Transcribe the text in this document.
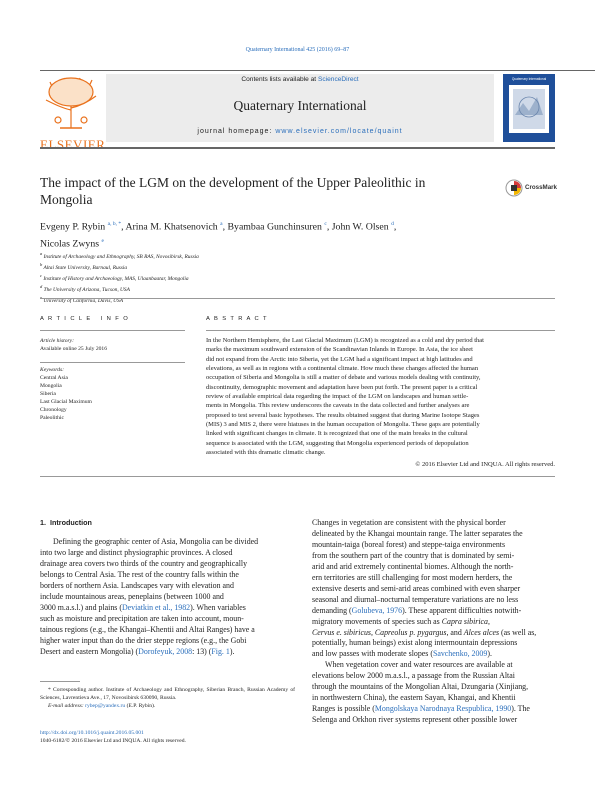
Quaternary International 425 (2016) 69–87
ELSEVIER
Contents lists available at ScienceDirect
Quaternary International
journal homepage: www.elsevier.com/locate/quaint
Quaternary International
The impact of the LGM on the development of the Upper Paleolithic in
Mongolia
CrossMark
Evgeny P. Rybin $^{a, b, *}$, Arina M. Khatsenovich $^a$, Byambaa Gunchinsuren $^c$, John W. Olsen $^d$,
Nicolas Zwyns $^e$
$^a$ Institute of Archaeology and Ethnography, SB RAS, Novosibirsk, Russia
$^b$ Altai State University, Barnaul, Russia
$^c$ Institute of History and Archaeology, MAS, Ulaanbaatar, Mongolia
$^d$ The University of Arizona, Tucson, USA
$^e$ University of California, Davis, USA
A R T I C L E   I N F O
Article history:
Available online 25 July 2016
Keywords:
Central Asia
Mongolia
Siberia
Last Glacial Maximum
Chronology
Paleolithic
A B S T R A C T
In the Northern Hemisphere, the Last Glacial Maximum (LGM) is recognized as a cold and dry period that
marks the maximum southward extension of the Scandinavian Inlands in Europe. In Asia, the ice sheet
did not expand from the Arctic into Siberia, yet the LGM had a significant impact at high latitudes and
elevations, as well as in regions with a continental climate. How much these changes affected the human
occupation of Siberia and Mongolia is still a matter of debate and various models dealing with continuity,
discontinuity, demographic movement and adaptation have been put forth. The present paper is a critical
review of available empirical data regarding the impact of the LGM on landscapes and human settle-
ments in Mongolia. This review underscores the caveats in the data collected and further analyses are
proposed to test several basic hypotheses. The results obtained suggest that during Marine Isotope Stages
(MIS) 3 and MIS 2, there were hiatuses in the human occupation of Mongolia. These gaps are potentially
linked with significant changes in climate. It is recognized that one of the main breaks in the cultural
sequence is associated with the LGM, suggesting that Mongolia experienced periods of depopulation
associated with this dramatic climatic change.
© 2016 Elsevier Ltd and INQUA. All rights reserved.
1.  Introduction
Defining the geographic center of Asia, Mongolia can be divided
into two large and distinct physiographic provinces. A closed
drainage area covers two thirds of the country and geographically
belongs to Central Asia. The rest of the country falls within the
borders of northern Asia. Landscapes vary with elevation and
include mountainous areas, peneplains (between 1000 and
3000 m.a.s.l.) and plains (Deviatkin et al., 1982). When variables
such as moisture and precipitation are taken into account, moun-
tainous regions (e.g., the Khangai–Khentii and Altai Ranges) have a
higher water input than do the drier steppe regions (e.g., the Gobi
Desert and eastern Mongolia) (Dorofeyuk, 2008: 13) (Fig. 1).
Changes in vegetation are consistent with the physical border
delineated by the Khangai mountain range. The latter separates the
mountain-taiga (boreal forest) and steppe-taiga environments
from the southern part of the country that is dominated by semi-
arid and arid extremely continental biomes. Although the north-
ern territories are still challenging for most modern herders, the
extensive deserts and semi-arid areas combined with even sharper
seasonal and diurnal–nocturnal temperature variations are no less
demanding (Golubeva, 1976). These apparent difficulties notwith-
migratory movements of species such as Capra sibirica,
Cervus e. sibiricus, Capreolus p. pygargus, and Alces alces (as well as,
potentially, human beings) exist along intermountain depressions
and low passes with moderate slopes (Savchenko, 2009).
When vegetation cover and water resources are available at
elevations below 2000 m.a.s.l., a passage from the Russian Altai
through the mountains of the Mongolian Altai, Dzungaria (Xinjiang,
in northwestern China), the eastern Sayan, Khangai, and Khentii
Ranges is possible (Mongolskaya Narodnaya Respublica, 1990). The
Selenga and Orkhon river systems represent other possible lower
* Corresponding author. Institute of Archaeology and Ethnography, Siberian Branch, Russian Academy of Sciences, Lavrentieva Ave., 17, Novosibirsk 630090, Russia.
E-mail address: rybep@yandex.ru (E.P. Rybin).
http://dx.doi.org/10.1016/j.quaint.2016.05.001
1040-6182/© 2016 Elsevier Ltd and INQUA. All rights reserved.
